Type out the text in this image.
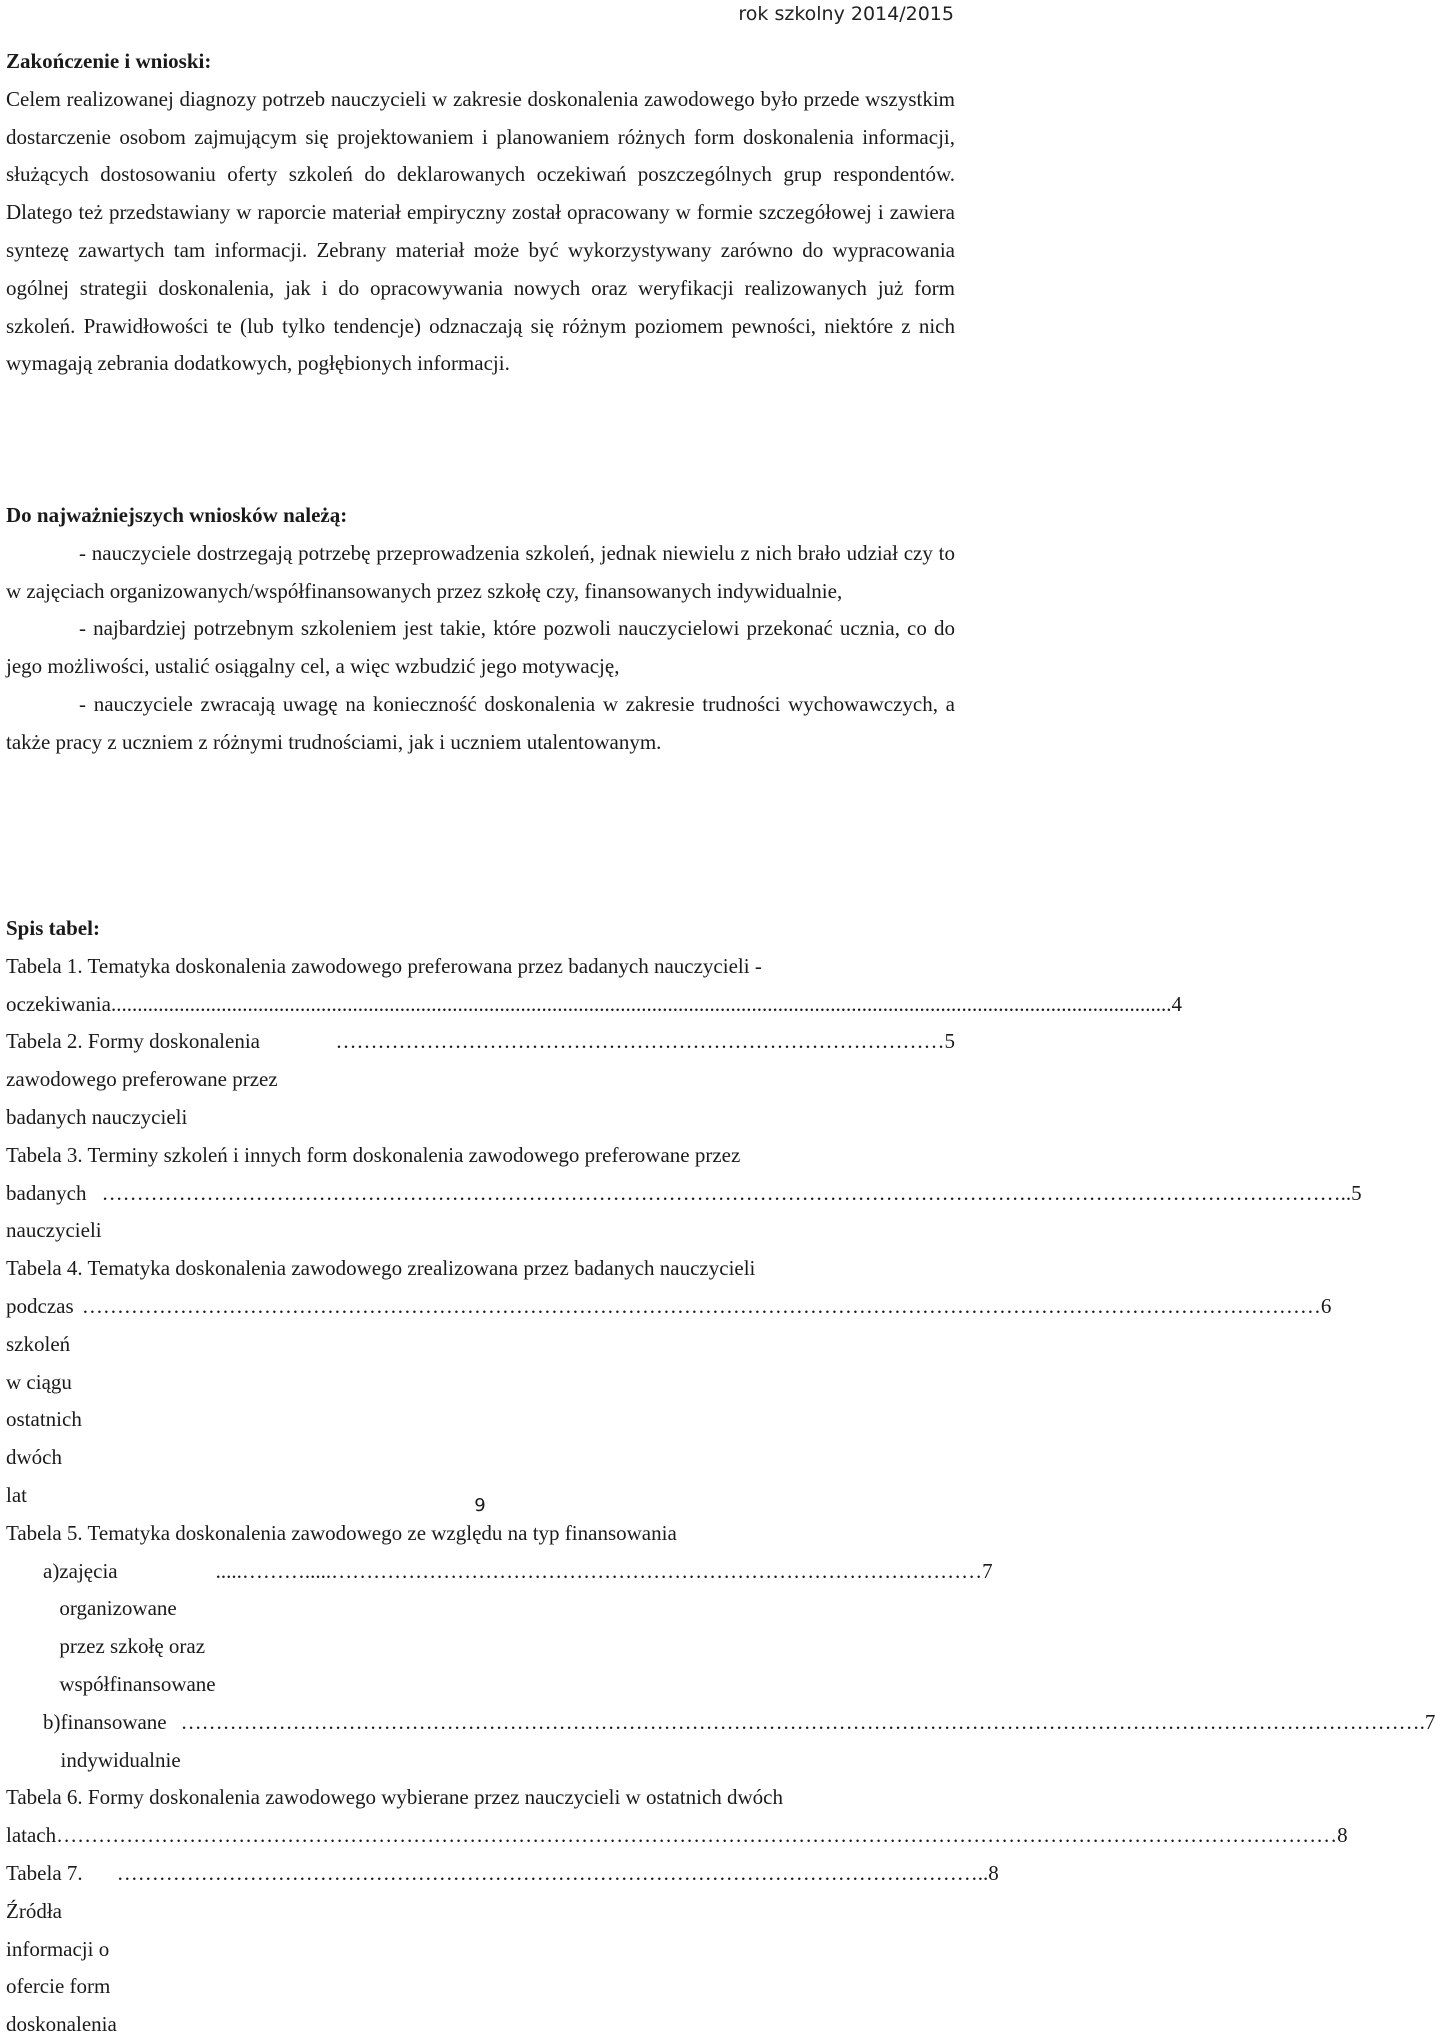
rok szkolny 2014/2015
Zakończenie i wnioski:

Celem realizowanej diagnozy potrzeb nauczycieli w zakresie doskonalenia zawodowego było przede wszystkim dostarczenie osobom zajmującym się projektowaniem i planowaniem różnych form doskonalenia informacji, służących dostosowaniu oferty szkoleń do deklarowanych oczekiwań poszczególnych grup respondentów. Dlatego też przedstawiany w raporcie materiał empiryczny został opracowany w formie szczegółowej i zawiera syntezę zawartych tam informacji. Zebrany materiał może być wykorzystywany zarówno do wypracowania ogólnej strategii doskonalenia, jak i do opracowywania nowych oraz weryfikacji realizowanych już form szkoleń. Prawidłowości te (lub tylko tendencje) odznaczają się różnym poziomem pewności, niektóre z nich wymagają zebrania dodatkowych, pogłębionych informacji.

Do najważniejszych wniosków należą:

- nauczyciele dostrzegają potrzebę przeprowadzenia szkoleń, jednak niewielu z nich brało udział czy to w zajęciach organizowanych/współfinansowanych przez szkołę czy, finansowanych indywidualnie,

- najbardziej potrzebnym szkoleniem jest takie, które pozwoli nauczycielowi przekonać ucznia, co do jego możliwości, ustalić osiągalny cel, a więc wzbudzić jego motywację,

- nauczyciele zwracają uwagę na konieczność doskonalenia w zakresie trudności wychowawczych, a także pracy z uczniem z różnymi trudnościami, jak i uczniem utalentowanym.

Spis tabel:
Tabela 1. Tematyka doskonalenia zawodowego preferowana przez badanych nauczycieli -
oczekiwania .......................................................................................................................................................................................................... 4
Tabela 2. Formy doskonalenia zawodowego preferowane przez badanych nauczycieli
…………………………………………………………………………… 5
Tabela 3. Terminy szkoleń i innych form doskonalenia zawodowego preferowane przez
badanych nauczycieli
…………………………………………………………………………………………………………………………………………………………… ..5
Tabela 4. Tematyka doskonalenia zawodowego zrealizowana przez badanych nauczycieli
podczas szkoleń w ciągu ostatnich dwóch lat
…………………………………………………………………………………………………………………………………………………………… 6
Tabela 5. Tematyka doskonalenia zawodowego ze względu na typ finansowania
a) zajęcia organizowane przez szkołę oraz współfinansowane
.....……….....………………………………………………………………………………… 7
b) finansowane indywidualnie
…………………………………………………………………………………………………………………………………………………………… .7
Tabela 6. Formy doskonalenia zawodowego wybierane przez nauczycieli w ostatnich dwóch
latach ………………………………………………………………………………………………………………………………………………………………… 8
Tabela 7. Źródła informacji o ofercie form doskonalenia
…………………………………………………………………………………………………………… ..8
9
